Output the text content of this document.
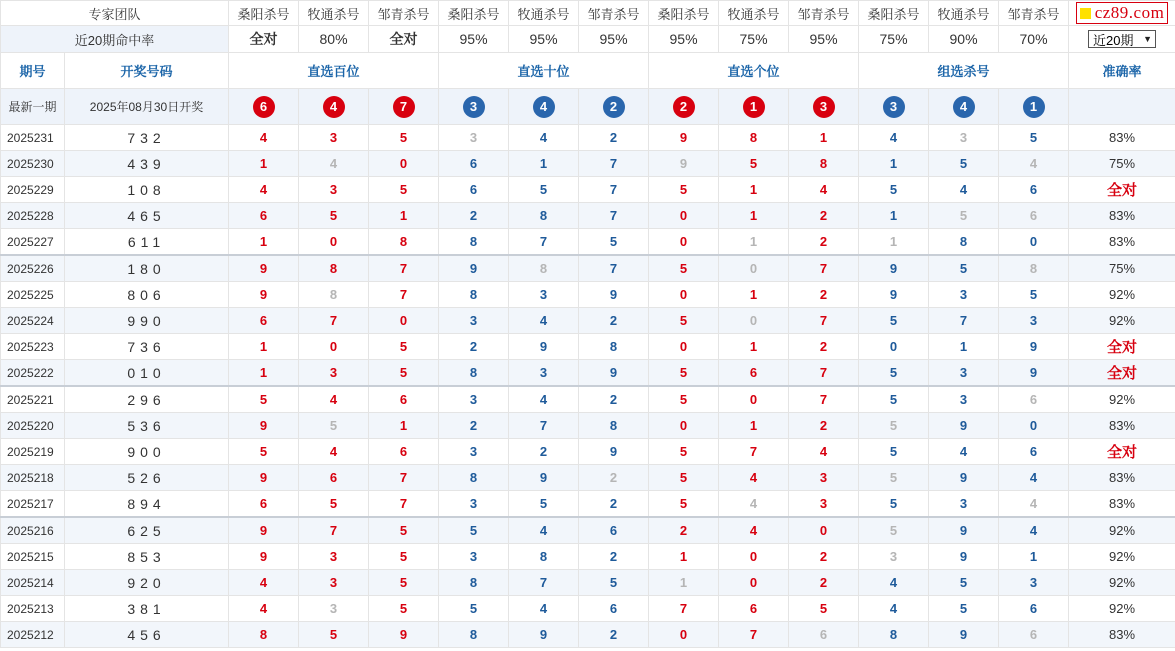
专家团队		桑阳杀号	牧通杀号	邹青杀号	桑阳杀号	牧通杀号	邹青杀号	桑阳杀号	牧通杀号	邹青杀号	桑阳杀号	牧通杀号	邹青杀号	cz89.com

近20期命中率		全对	80%	全对	95%	95%	95%	95%	75%	95%	75%	90%	70%	近20期 ▼

期号	开奖号码	直选百位			直选十位			直选个位			组选杀号			准确率
最新一期	2025年08月30日开奖	6	4	7	3	4	2	2	1	3	3	4	1	
2025231	732	4	3	5	3	4	2	9	8	1	4	3	5	83%
2025230	439	1	4	0	6	1	7	9	5	8	1	5	4	75%
2025229	108	4	3	5	6	5	7	5	1	4	5	4	6	全对
2025228	465	6	5	1	2	8	7	0	1	2	1	5	6	83%
2025227	611	1	0	8	8	7	5	0	1	2	1	8	0	83%
2025226	180	9	8	7	9	8	7	5	0	7	9	5	8	75%
2025225	806	9	8	7	8	3	9	0	1	2	9	3	5	92%
2025224	990	6	7	0	3	4	2	5	0	7	5	7	3	92%
2025223	736	1	0	5	2	9	8	0	1	2	0	1	9	全对
2025222	010	1	3	5	8	3	9	5	6	7	5	3	9	全对
2025221	296	5	4	6	3	4	2	5	0	7	5	3	6	92%
2025220	536	9	5	1	2	7	8	0	1	2	5	9	0	83%
2025219	900	5	4	6	3	2	9	5	7	4	5	4	6	全对
2025218	526	9	6	7	8	9	2	5	4	3	5	9	4	83%
2025217	894	6	5	7	3	5	2	5	4	3	5	3	4	83%
2025216	625	9	7	5	5	4	6	2	4	0	5	9	4	92%
2025215	853	9	3	5	3	8	2	1	0	2	3	9	1	92%
2025214	920	4	3	5	8	7	5	1	0	2	4	5	3	92%
2025213	381	4	3	5	5	4	6	7	6	5	4	5	6	92%
2025212	456	8	5	9	8	9	2	0	7	6	8	9	6	83%
